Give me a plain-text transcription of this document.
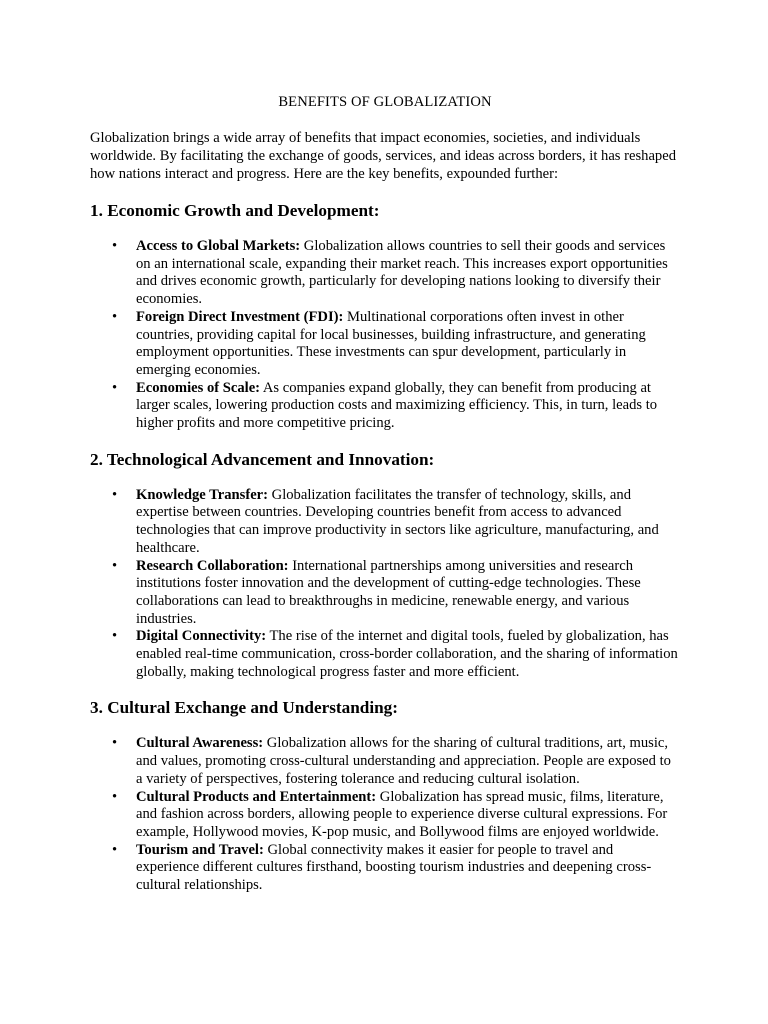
BENEFITS OF GLOBALIZATION

Globalization brings a wide array of benefits that impact economies, societies, and individuals worldwide. By facilitating the exchange of goods, services, and ideas across borders, it has reshaped how nations interact and progress. Here are the key benefits, expounded further:

1. Economic Growth and Development:
• Access to Global Markets: Globalization allows countries to sell their goods and services on an international scale, expanding their market reach. This increases export opportunities and drives economic growth, particularly for developing nations looking to diversify their economies.
• Foreign Direct Investment (FDI): Multinational corporations often invest in other countries, providing capital for local businesses, building infrastructure, and generating employment opportunities. These investments can spur development, particularly in emerging economies.
• Economies of Scale: As companies expand globally, they can benefit from producing at larger scales, lowering production costs and maximizing efficiency. This, in turn, leads to higher profits and more competitive pricing.
2. Technological Advancement and Innovation:
• Knowledge Transfer: Globalization facilitates the transfer of technology, skills, and expertise between countries. Developing countries benefit from access to advanced technologies that can improve productivity in sectors like agriculture, manufacturing, and healthcare.
• Research Collaboration: International partnerships among universities and research institutions foster innovation and the development of cutting-edge technologies. These collaborations can lead to breakthroughs in medicine, renewable energy, and various industries.
• Digital Connectivity: The rise of the internet and digital tools, fueled by globalization, has enabled real-time communication, cross-border collaboration, and the sharing of information globally, making technological progress faster and more efficient.
3. Cultural Exchange and Understanding:
• Cultural Awareness: Globalization allows for the sharing of cultural traditions, art, music, and values, promoting cross-cultural understanding and appreciation. People are exposed to a variety of perspectives, fostering tolerance and reducing cultural isolation.
• Cultural Products and Entertainment: Globalization has spread music, films, literature, and fashion across borders, allowing people to experience diverse cultural expressions. For example, Hollywood movies, K-pop music, and Bollywood films are enjoyed worldwide.
• Tourism and Travel: Global connectivity makes it easier for people to travel and experience different cultures firsthand, boosting tourism industries and deepening cross-cultural relationships.
